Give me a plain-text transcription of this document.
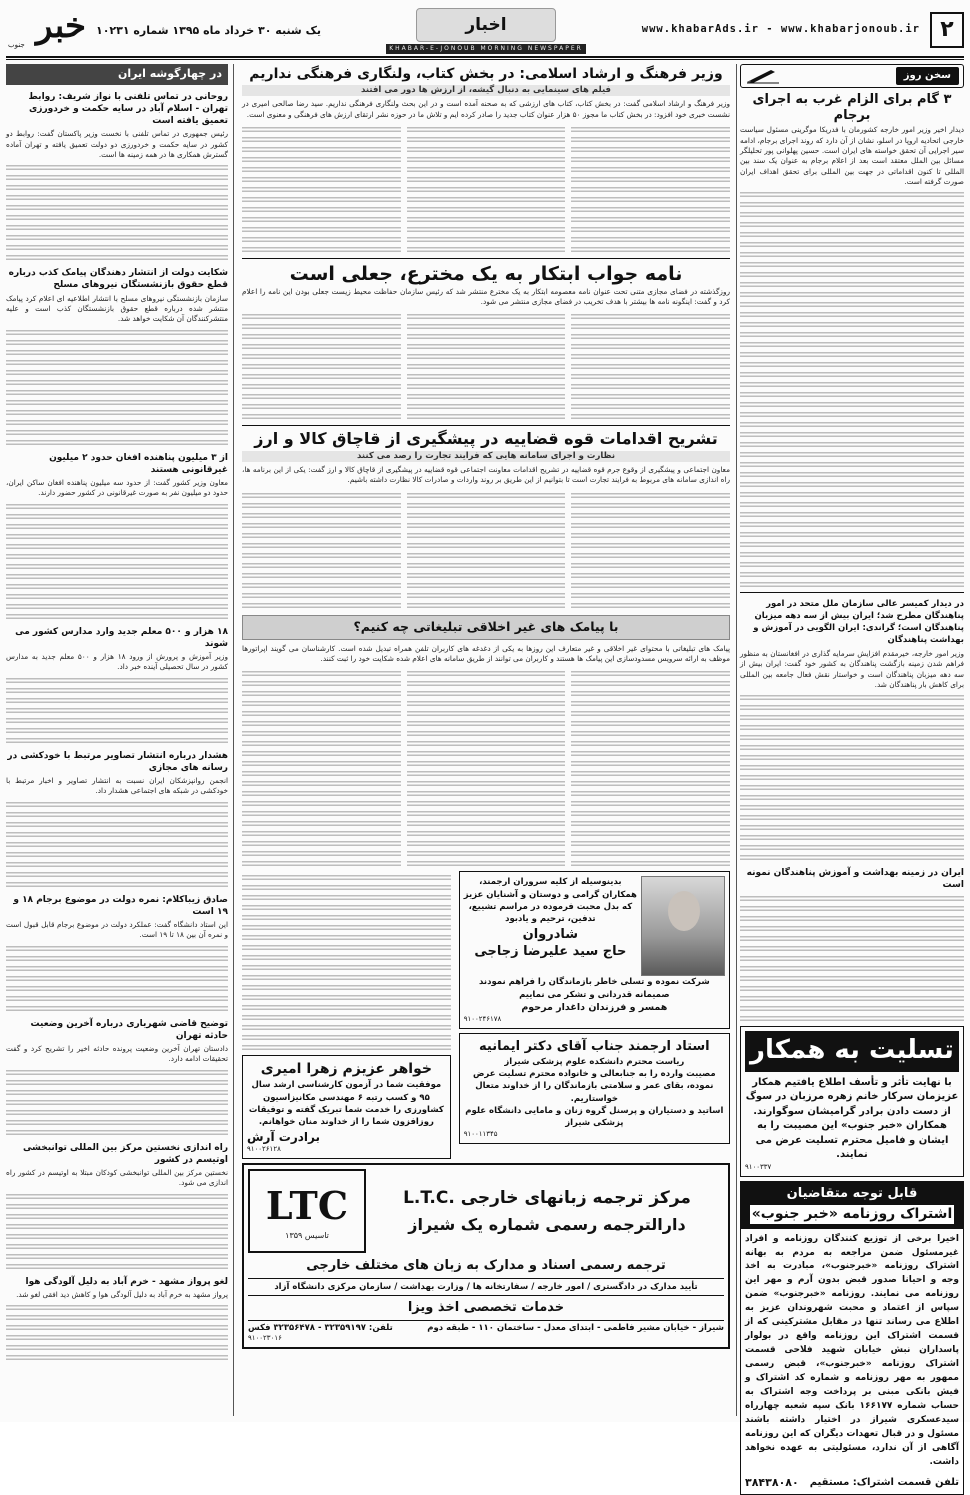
۲
www.khabarAds.ir - www.khabarjonoub.ir
اخبار
KHABAR-E-JONOUB MORNING NEWSPAPER
یک شنبه ۳۰ خرداد ماه ۱۳۹۵ شماره ۱۰۲۳۱
خبر
جنوب
سخن روز
۳ گام برای الزام غرب به اجرای برجام
دیدار اخیر وزیر امور خارجه کشورمان با فدریکا موگرینی مسئول سیاست خارجی اتحادیه اروپا در اسلو، نشان از آن دارد که روند اجرای برجام، ادامه سیر اجرایی آن تحقق خواسته های ایران است. حسین پهلوانی پور تحلیلگر مسائل بین الملل معتقد است بعد از اعلام برجام به عنوان یک سند بین المللی تا کنون اقداماتی در جهت بین المللی برای تحقق اهداف ایران صورت گرفته است.
در دیدار کمیسر عالی سازمان ملل متحد در امور پناهندگان مطرح شد؛ ایران بیش از سه دهه میزبان پناهندگان است؛ گراندی: ایران الگویی در آموزش و بهداشت پناهندگان
وزیر امور خارجه، خیرمقدم افزایش سرمایه گذاری در افغانستان به منظور فراهم شدن زمینه بازگشت پناهندگان به کشور خود گفت: ایران بیش از سه دهه میزبان پناهندگان است و خواستار نقش فعال جامعه بین المللی برای کاهش بار پناهندگان شد.
ایران در زمینه بهداشت و آموزش پناهندگان نمونه است
تسلیت به همکار
با نهایت تأثر و تأسف اطلاع یافتیم همکار عزیزمان سرکار خانم زهره مرزبان در سوگ از دست دادن برادر گرامیشان سوگوارند. همکاران «خبر جنوب» این مصیبت را به ایشان و فامیل محترم تسلیت عرض می نمایند.
۹۱۰۰۳۳۷
قابل توجه متقاضیان
اشتراک روزنامه «خبر جنوب»
اخیرا برخی از توزیع کنندگان روزنامه و افراد غیرمسئول ضمن مراجعه به مردم به بهانه اشتراک روزنامه «خبرجنوب»، مبادرت به اخذ وجه و احیانا صدور قبض بدون آرم و مهر این روزنامه می نمایند. روزنامه «خبرجنوب» ضمن سپاس از اعتماد و محبت شهروندان عزیز به اطلاع می رساند تنها در مقابل مشترکینی که از قسمت اشتراک این روزنامه واقع در بولوار پاسداران نبش خیابان شهید فلاحی قسمت اشتراک روزنامه «خبرجنوب»، قبض رسمی ممهور به مهر روزنامه و شماره کد اشتراک و فیش بانکی مبنی بر پرداخت وجه اشتراک به حساب شماره ۱۶۶۱۷۷ بانک سپه شعبه چهارراه سیدعسکری شیراز در اختیار داشته باشند مسئول و در قبال تعهدات دیگران که این روزنامه آگاهی از آن ندارد، مسئولیتی به عهده نخواهد داشت.
تلفن قسمت اشتراک: مستقیم
۳۸۴۳۸۰۸۰
وزیر فرهنگ و ارشاد اسلامی: در بخش کتاب، ولنگاری فرهنگی نداریم
فیلم های سینمایی به دنبال گیشه، از ارزش ها دور می افتند
وزیر فرهنگ و ارشاد اسلامی گفت: در بخش کتاب، کتاب های ارزشی که به صحنه آمده است و در این بحث ولنگاری فرهنگی نداریم. سید رضا صالحی امیری در نشست خبری خود افزود: در بخش کتاب ما مجوز ۵۰ هزار عنوان کتاب جدید را صادر کرده ایم و تلاش ما در حوزه نشر ارتقای ارزش های فرهنگی و معنوی است.
نامه جواب ابتکار به یک مخترع، جعلی است
روزگذشته در فضای مجازی متنی تحت عنوان نامه معصومه ابتکار به یک مخترع منتشر شد که رئیس سازمان حفاظت محیط زیست جعلی بودن این نامه را اعلام کرد و گفت: اینگونه نامه ها بیشتر با هدف تخریب در فضای مجازی منتشر می شود.
تشریح اقدامات قوه قضاییه در پیشگیری از قاچاق کالا و ارز
نظارت و اجرای سامانه هایی که فرایند تجارت را رصد می کنند
معاون اجتماعی و پیشگیری از وقوع جرم قوه قضاییه در تشریح اقدامات معاونت اجتماعی قوه قضاییه در پیشگیری از قاچاق کالا و ارز گفت: یکی از این برنامه ها، راه اندازی سامانه های مربوط به فرایند تجارت است تا بتوانیم از این طریق بر روند واردات و صادرات کالا نظارت داشته باشیم.
با پیامک های غیر اخلاقی تبلیغاتی چه کنیم؟
پیامک های تبلیغاتی با محتوای غیر اخلاقی و غیر متعارف این روزها به یکی از دغدغه های کاربران تلفن همراه تبدیل شده است. کارشناسان می گویند اپراتورها موظف به ارائه سرویس مسدودسازی این پیامک ها هستند و کاربران می توانند از طریق سامانه های اعلام شده شکایت خود را ثبت کنند.
بدینوسیله از کلیه سروران ارجمند، همکاران گرامی و دوستان و آشنایان عزیز که بدل محبت فرموده در مراسم تشییع، تدفین، ترحیم و یادبود
شادروان
حاج سید علیرضا زجاجی
شرکت نموده و تسلی خاطر بازماندگان را فراهم نمودند صمیمانه قدردانی و تشکر می نماییم
همسر و فرزندان داغدار مرحوم
۹۱۰۰۲۴۶۱۷۸
استاد ارجمند جناب آقای دکتر ایمانیه
ریاست محترم دانشکده علوم پزشکی شیراز
مصیبت وارده را به جنابعالی و خانواده محترم تسلیت عرض نموده، بقای عمر و سلامتی بازماندگان را از خداوند متعال خواستاریم.
اساتید و دستیاران و پرسنل گروه زنان و مامایی دانشگاه علوم پزشکی شیراز
۹۱۰۰۱۱۳۴۵
خواهر عزیزم زهرا امیری
موفقیت شما در آزمون کارشناسی ارشد سال ۹۵ و کسب رتبه ۶ مهندسی مکانیزاسیون کشاورزی را خدمت شما تبریک گفته و توفیقات روزافزون شما را از خداوند منان خواهانم.
برادرت آرش
۹۱۰۰۲۶۱۲۸
مرکز ترجمه زبانهای خارجی .L.T.C
دارالترجمه رسمی شماره یک شیراز
LTC
تاسیس ۱۳۵۹
ترجمه رسمی اسناد و مدارک به زبان های مختلف خارجی
تأیید مدارک در دادگستری / امور خارجه / سفارتخانه ها / وزارت بهداشت / سازمان مرکزی دانشگاه آزاد
خدمات تخصصی اخذ ویزا
شیراز - خیابان مشیر فاطمی - ابتدای معدل - ساختمان ۱۱۰ - طبقه دوم
تلفن: ۳۲۳۵۹۱۹۷ - ۳۲۳۵۶۴۷۸ فکس
۹۱۰۰۲۳۰۱۶
در چهارگوشه ایران
روحانی در تماس تلفنی با نواز شریف: روابط تهران - اسلام آباد در سایه حکمت و خردورزی تعمیق یافته است
رئیس جمهوری در تماس تلفنی با نخست وزیر پاکستان گفت: روابط دو کشور در سایه حکمت و خردورزی دو دولت تعمیق یافته و تهران آماده گسترش همکاری ها در همه زمینه ها است.
شکایت دولت از انتشار دهندگان پیامک کذب درباره قطع حقوق بازنشستگان نیروهای مسلح
سازمان بازنشستگی نیروهای مسلح با انتشار اطلاعیه ای اعلام کرد پیامک منتشر شده درباره قطع حقوق بازنشستگان کذب است و علیه منتشرکنندگان آن شکایت خواهد شد.
از ۳ میلیون پناهنده افغان حدود ۲ میلیون غیرقانونی هستند
معاون وزیر کشور گفت: از حدود سه میلیون پناهنده افغان ساکن ایران، حدود دو میلیون نفر به صورت غیرقانونی در کشور حضور دارند.
۱۸ هزار و ۵۰۰ معلم جدید وارد مدارس کشور می شوند
وزیر آموزش و پرورش از ورود ۱۸ هزار و ۵۰۰ معلم جدید به مدارس کشور در سال تحصیلی آینده خبر داد.
هشدار درباره انتشار تصاویر مرتبط با خودکشی در رسانه های مجازی
انجمن روانپزشکان ایران نسبت به انتشار تصاویر و اخبار مرتبط با خودکشی در شبکه های اجتماعی هشدار داد.
صادق زیباکلام: نمره دولت در موضوع برجام ۱۸ و ۱۹ است
این استاد دانشگاه گفت: عملکرد دولت در موضوع برجام قابل قبول است و نمره آن بین ۱۸ تا ۱۹ است.
توضیح قاضی شهریاری درباره آخرین وضعیت حادثه تهران
دادستان تهران آخرین وضعیت پرونده حادثه اخیر را تشریح کرد و گفت تحقیقات ادامه دارد.
راه اندازی نخستین مرکز بین المللی توانبخشی اوتیسم در کشور
نخستین مرکز بین المللی توانبخشی کودکان مبتلا به اوتیسم در کشور راه اندازی می شود.
لغو پرواز مشهد - خرم آباد به دلیل آلودگی هوا
پرواز مشهد به خرم آباد به دلیل آلودگی هوا و کاهش دید افقی لغو شد.
